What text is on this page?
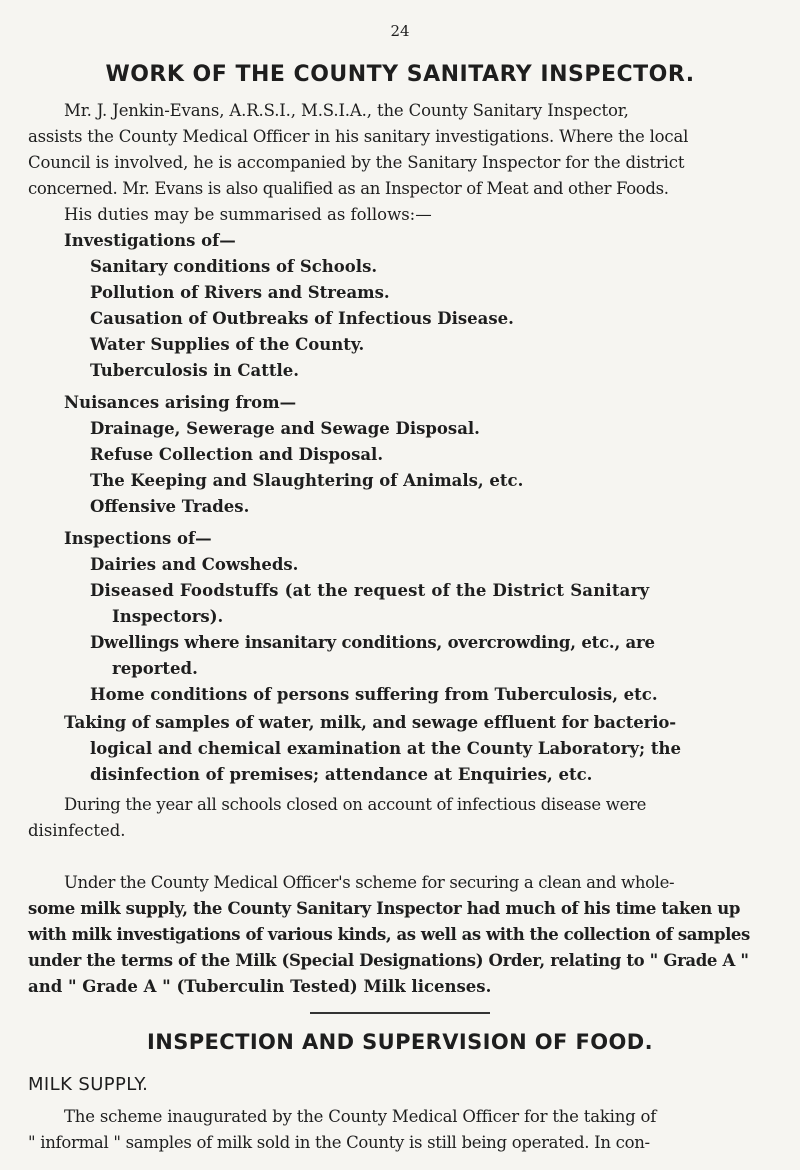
24
WORK OF THE COUNTY SANITARY INSPECTOR.
Mr. J. Jenkin-Evans, A.R.S.I., M.S.I.A., the County Sanitary Inspector,
assists the County Medical Officer in his sanitary investigations. Where the local
Council is involved, he is accompanied by the Sanitary Inspector for the district
concerned. Mr. Evans is also qualified as an Inspector of Meat and other Foods.
His duties may be summarised as follows:—
Investigations of—
Sanitary conditions of Schools.
Pollution of Rivers and Streams.
Causation of Outbreaks of Infectious Disease.
Water Supplies of the County.
Tuberculosis in Cattle.
Nuisances arising from—
Drainage, Sewerage and Sewage Disposal.
Refuse Collection and Disposal.
The Keeping and Slaughtering of Animals, etc.
Offensive Trades.
Inspections of—
Dairies and Cowsheds.
Diseased Foodstuffs (at the request of the District Sanitary
Inspectors).
Dwellings where insanitary conditions, overcrowding, etc., are
reported.
Home conditions of persons suffering from Tuberculosis, etc.
Taking of samples of water, milk, and sewage effluent for bacterio-
logical and chemical examination at the County Laboratory; the
disinfection of premises; attendance at Enquiries, etc.
During the year all schools closed on account of infectious disease were
disinfected.
Under the County Medical Officer's scheme for securing a clean and whole-
some milk supply, the County Sanitary Inspector had much of his time taken up
with milk investigations of various kinds, as well as with the collection of samples
under the terms of the Milk (Special Designations) Order, relating to " Grade A "
and " Grade A " (Tuberculin Tested) Milk licenses.
INSPECTION AND SUPERVISION OF FOOD.
MILK SUPPLY.
The scheme inaugurated by the County Medical Officer for the taking of
" informal " samples of milk sold in the County is still being operated. In con-
